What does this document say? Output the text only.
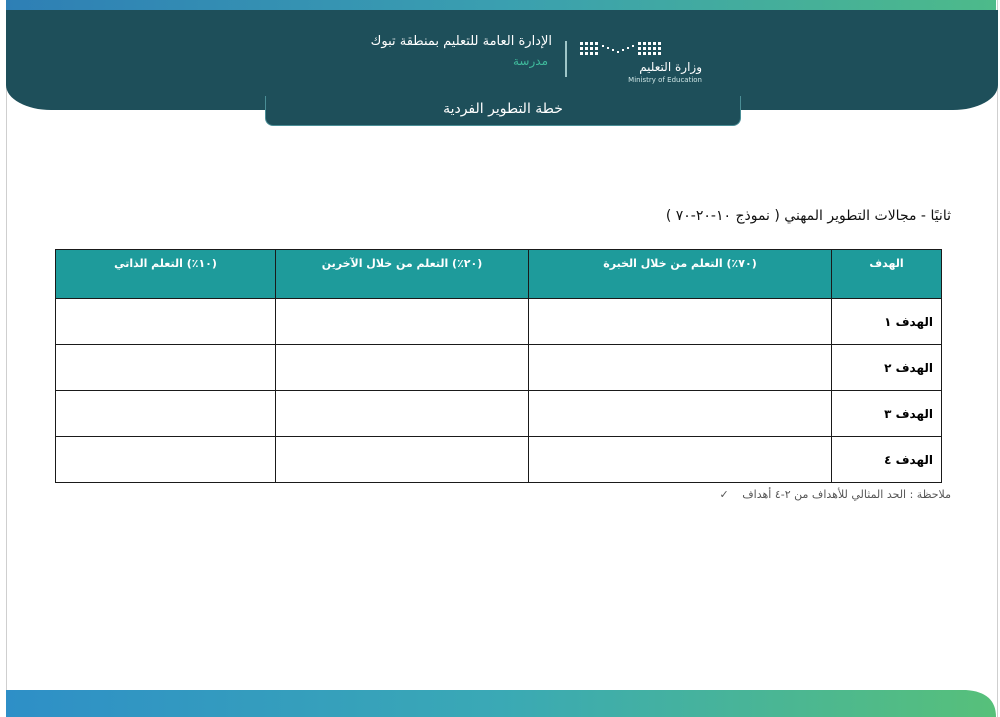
الإدارة العامة للتعليم بمنطقة تبوك
مدرسة	وزارة التعليم
Ministry of Education
خطة التطوير الفردية
ثانيًا - مجالات التطوير المهني ( نموذج ١٠-٢٠-٧٠ )
الهدف	(٧٠٪) التعلم من خلال الخبرة	(٢٠٪) التعلم من خلال الآخرين	(١٠٪) التعلم الذاتي
الهدف ١			
الهدف ٢			
الهدف ٣			
الهدف ٤			
ملاحظة : الحد المثالي للأهداف من ٢-٤ أهداف ✓
